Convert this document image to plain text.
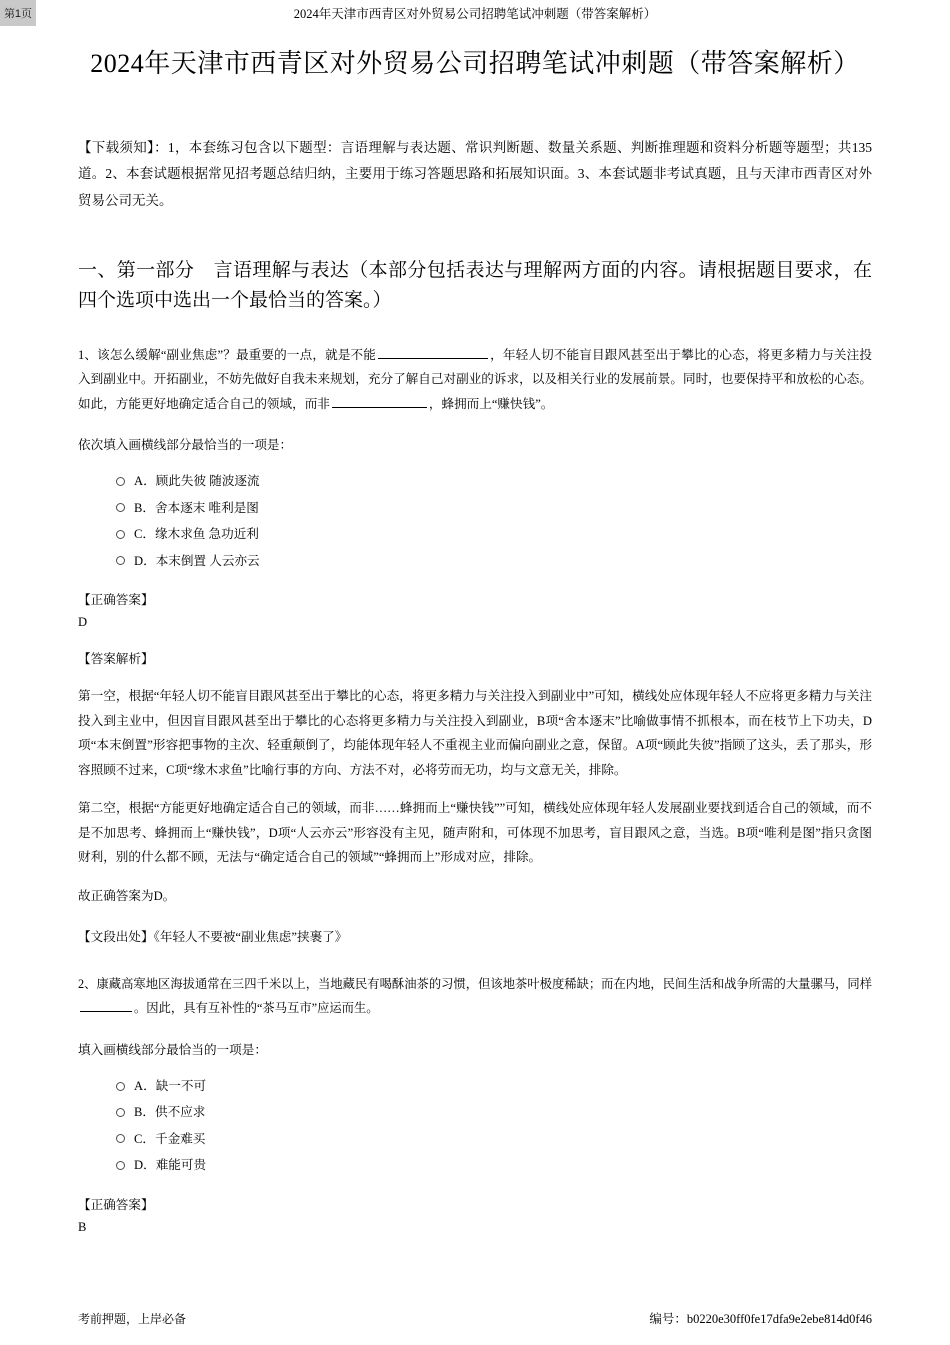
第1页	2024年天津市西青区对外贸易公司招聘笔试冲刺题（带答案解析）
2024年天津市西青区对外贸易公司招聘笔试冲刺题（带答案解析）
【下载须知】：1，本套练习包含以下题型：言语理解与表达题、常识判断题、数量关系题、判断推理题和资料分析题等题型；共135道。2、本套试题根据常见招考题总结归纳，主要用于练习答题思路和拓展知识面。3、本套试题非考试真题，且与天津市西青区对外贸易公司无关。
一、第一部分　言语理解与表达（本部分包括表达与理解两方面的内容。请根据题目要求，在四个选项中选出一个最恰当的答案。）
1、该怎么缓解“副业焦虑”？最重要的一点，就是不能	，年轻人切不能盲目跟风甚至出于攀比的心态，将更多精力与关注投入到副业中。开拓副业，不妨先做好自我未来规划，充分了解自己对副业的诉求，以及相关行业的发展前景。同时，也要保持平和放松的心态。如此，方能更好地确定适合自己的领域，而非	，蜂拥而上“赚快钱”。
依次填入画横线部分最恰当的一项是：
A． 顾此失彼 随波逐流
B． 舍本逐末 唯利是图
C． 缘木求鱼 急功近利
D． 本末倒置 人云亦云
【正确答案】
D
【答案解析】
第一空，根据“年轻人切不能盲目跟风甚至出于攀比的心态，将更多精力与关注投入到副业中”可知，横线处应体现年轻人不应将更多精力与关注投入到主业中，但因盲目跟风甚至出于攀比的心态将更多精力与关注投入到副业，B项“舍本逐末”比喻做事情不抓根本，而在枝节上下功夫，D项“本末倒置”形容把事物的主次、轻重颠倒了，均能体现年轻人不重视主业而偏向副业之意，保留。A项“顾此失彼”指顾了这头，丢了那头，形容照顾不过来，C项“缘木求鱼”比喻行事的方向、方法不对，必将劳而无功，均与文意无关，排除。
第二空，根据“方能更好地确定适合自己的领域，而非……蜂拥而上“赚快钱””可知，横线处应体现年轻人发展副业要找到适合自己的领域，而不是不加思考、蜂拥而上“赚快钱”，D项“人云亦云”形容没有主见，随声附和，可体现不加思考，盲目跟风之意，当选。B项“唯利是图”指只贪图财利，别的什么都不顾，无法与“确定适合自己的领域”“蜂拥而上”形成对应，排除。
故正确答案为D。
【文段出处】《年轻人不要被“副业焦虑”挟裹了》
2、康藏高寒地区海拔通常在三四千米以上，当地藏民有喝酥油茶的习惯，但该地茶叶极度稀缺；而在内地，民间生活和战争所需的大量骡马，同样。因此，具有互补性的“茶马互市”应运而生。
填入画横线部分最恰当的一项是：
A． 缺一不可
B． 供不应求
C． 千金难买
D． 难能可贵
【正确答案】
B
考前押题，上岸必备	编号：b0220e30ff0fe17dfa9e2ebe814d0f46
